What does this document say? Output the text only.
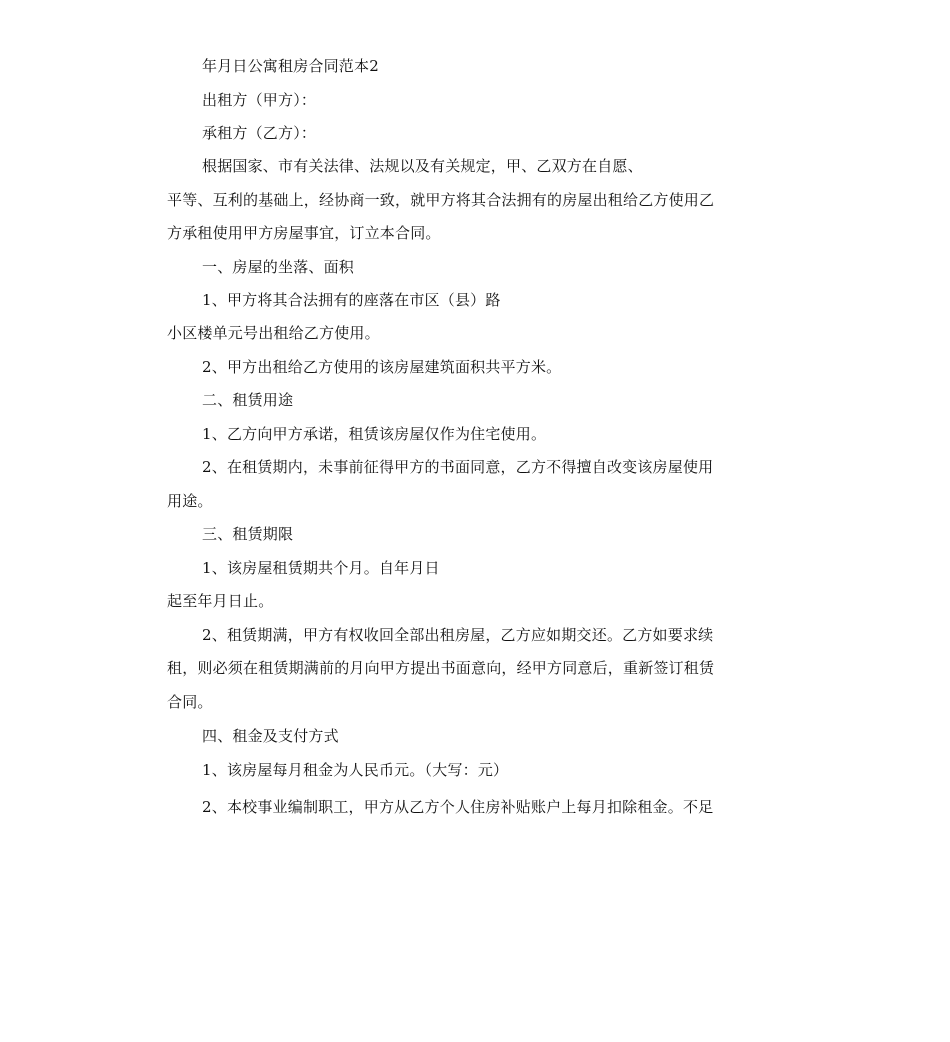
年月日公寓租房合同范本2
出租方（甲方）：
承租方（乙方）：
根据国家、市有关法律、法规以及有关规定，甲、乙双方在自愿、
平等、互利的基础上，经协商一致，就甲方将其合法拥有的房屋出租给乙方使用乙
方承租使用甲方房屋事宜，订立本合同。
一、房屋的坐落、面积
1、甲方将其合法拥有的座落在市区（县）路
小区楼单元号出租给乙方使用。
2、甲方出租给乙方使用的该房屋建筑面积共平方米。
二、租赁用途
1、乙方向甲方承诺，租赁该房屋仅作为住宅使用。
2、在租赁期内，未事前征得甲方的书面同意，乙方不得擅自改变该房屋使用
用途。
三、租赁期限
1、该房屋租赁期共个月。自年月日
起至年月日止。
2、租赁期满，甲方有权收回全部出租房屋，乙方应如期交还。乙方如要求续
租，则必须在租赁期满前的月向甲方提出书面意向，经甲方同意后，重新签订租赁
合同。
四、租金及支付方式
1、该房屋每月租金为人民币元。（大写：元）
2、本校事业编制职工，甲方从乙方个人住房补贴账户上每月扣除租金。不足
